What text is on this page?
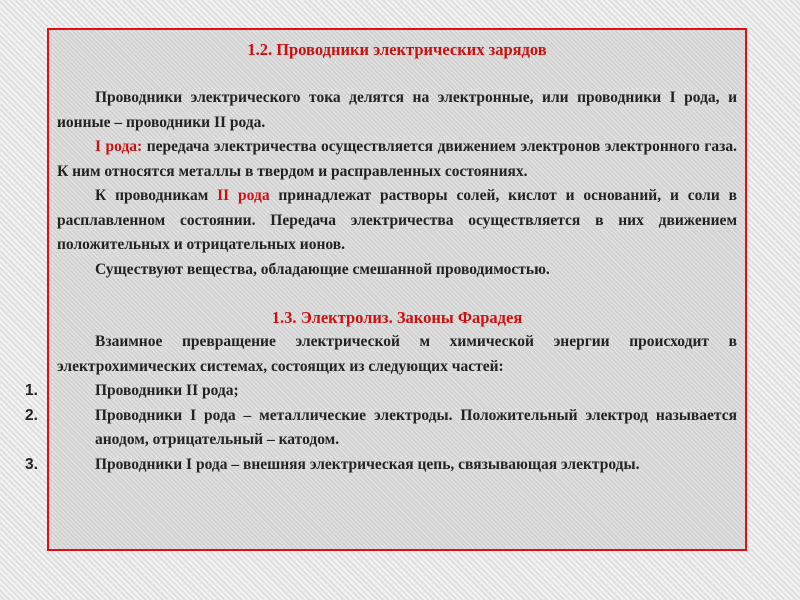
1.2. Проводники электрических зарядов

Проводники электрического тока делятся на электронные, или проводники I рода, и ионные – проводники II рода.

I рода: передача электричества осуществляется движением электронов электронного газа. К ним относятся металлы в твердом и расправленных состояниях.

К проводникам II рода принадлежат растворы солей, кислот и оснований, и соли в расплавленном состоянии. Передача электричества осуществляется в них движением положительных и отрицательных ионов.

Существуют вещества, обладающие смешанной проводимостью.

1.3. Электролиз. Законы Фарадея

Взаимное превращение электрической м химической энергии происходит в электрохимических системах, состоящих из следующих частей:

1.	Проводники II рода;
2.	Проводники I рода – металлические электроды. Положительный электрод называется анодом, отрицательный – катодом.
3.	Проводники I рода – внешняя электрическая цепь, связывающая электроды.
